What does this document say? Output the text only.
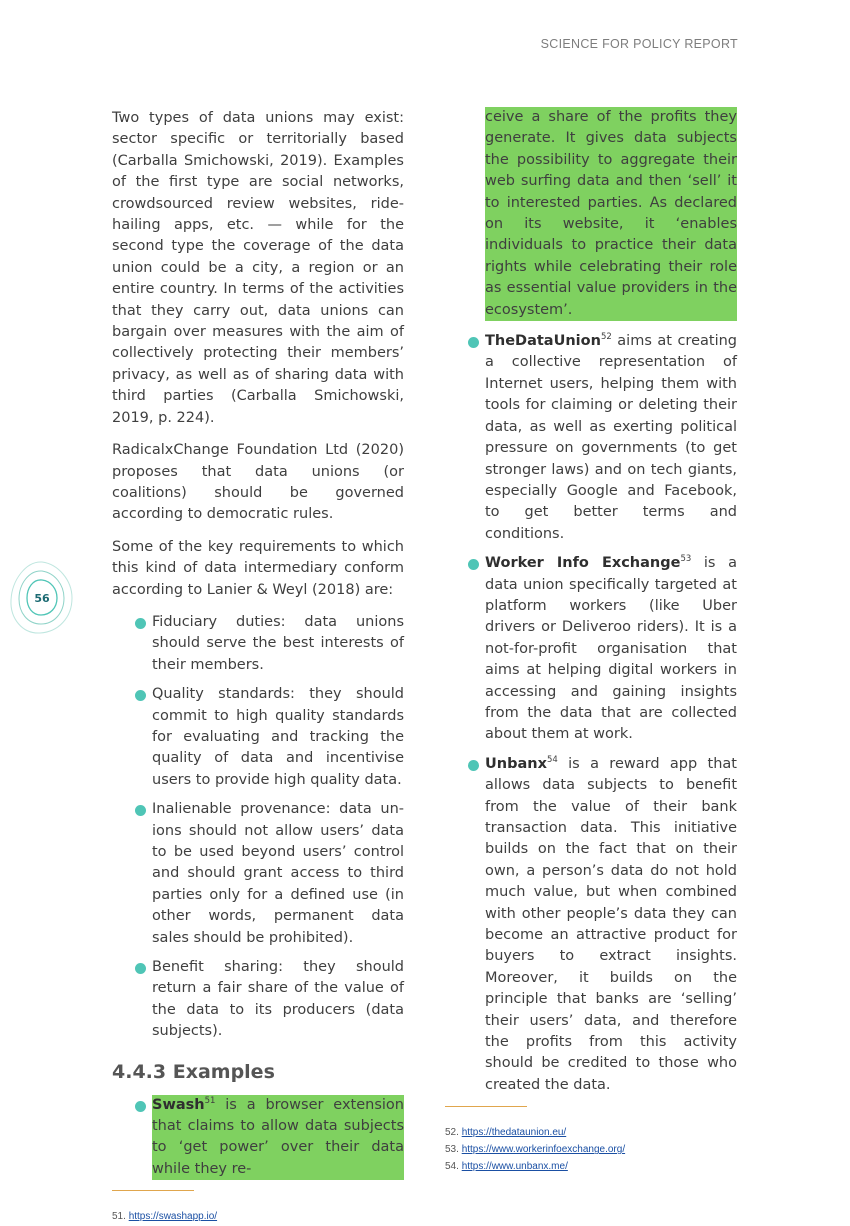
SCIENCE FOR POLICY REPORT
56

Two types of data unions may exist: sector specific or territorially based (Carballa Smichowski, 2019). Examples of the first type are social networks, crowdsourced review websites, ride-hailing apps, etc. — while for the second type the coverage of the data union could be a city, a region or an entire country. In terms of the activities that they carry out, data unions can bargain over measures with the aim of collectively protecting their members’ privacy, as well as of sharing data with third parties (Carballa Smichowski, 2019, p. 224).

RadicalxChange Foundation Ltd (2020) proposes that data unions (or coalitions) should be governed according to democratic rules.

Some of the key requirements to which this kind of data intermediary conform according to Lanier & Weyl (2018) are:

Fiduciary duties: data unions should serve the best interests of their members.

Quality standards: they should commit to high quality standards for evaluating and tracking the quality of data and incentivise users to provide high quality data.

Inalienable provenance: data unions should not allow users’ data to be used beyond users’ control and should grant access to third parties only for a defined use (in other words, permanent data sales should be prohibited).

Benefit sharing: they should return a fair share of the value of the data to its producers (data subjects).

4.4.3 Examples

Swash$^{51}$ is a browser extension that claims to allow data subjects to ‘get power’ over their data while they re-

51. https://swashapp.io/

ceive a share of the profits they generate. It gives data subjects the possibility to aggregate their web surfing data and then ‘sell’ it to interested parties. As declared on its website, it ‘enables individuals to practice their data rights while celebrating their role as essential value providers in the ecosystem’.

TheDataUnion$^{52}$ aims at creating a collective representation of Internet users, helping them with tools for claiming or deleting their data, as well as exerting political pressure on governments (to get stronger laws) and on tech giants, especially Google and Facebook, to get better terms and conditions.

Worker Info Exchange$^{53}$ is a data union specifically targeted at platform workers (like Uber drivers or Deliveroo riders). It is a not-for-profit organisation that aims at helping digital workers in accessing and gaining insights from the data that are collected about them at work.

Unbanx$^{54}$ is a reward app that allows data subjects to benefit from the value of their bank transaction data. This initiative builds on the fact that on their own, a person’s data do not hold much value, but when combined with other people’s data they can become an attractive product for buyers to extract insights. Moreover, it builds on the principle that banks are ‘selling’ their users’ data, and therefore the profits from this activity should be credited to those who created the data.

52. https://thedataunion.eu/
53. https://www.workerinfoexchange.org/
54. https://www.unbanx.me/
